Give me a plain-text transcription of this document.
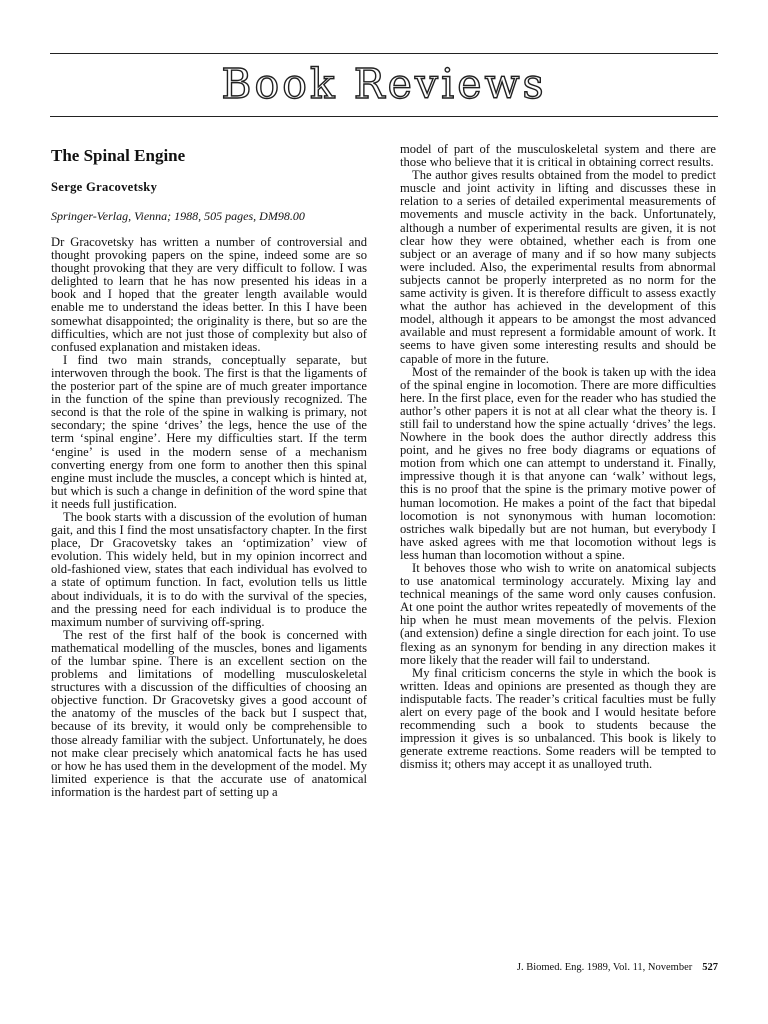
Book Reviews
The Spinal Engine
Serge Gracovetsky
Springer-Verlag, Vienna; 1988, 505 pages, DM98.00

Dr Gracovetsky has written a number of controversial and thought provoking papers on the spine, indeed some are so thought provoking that they are very difficult to follow. I was delighted to learn that he has now presented his ideas in a book and I hoped that the greater length available would enable me to understand the ideas better. In this I have been somewhat disappointed; the originality is there, but so are the difficulties, which are not just those of complexity but also of confused explanation and mistaken ideas.

I find two main strands, conceptually separate, but interwoven through the book. The first is that the ligaments of the posterior part of the spine are of much greater importance in the function of the spine than previously recognized. The second is that the role of the spine in walking is primary, not secondary; the spine ‘drives’ the legs, hence the use of the term ‘spinal engine’. Here my difficulties start. If the term ‘engine’ is used in the modern sense of a mechanism converting energy from one form to another then this spinal engine must include the muscles, a concept which is hinted at, but which is such a change in definition of the word spine that it needs full justification.

The book starts with a discussion of the evolution of human gait, and this I find the most unsatisfactory chapter. In the first place, Dr Gracovetsky takes an ‘optimization’ view of evolution. This widely held, but in my opinion incorrect and old-fashioned view, states that each individual has evolved to a state of optimum function. In fact, evolution tells us little about individuals, it is to do with the survival of the species, and the pressing need for each individual is to produce the maximum number of surviving off-spring.

The rest of the first half of the book is concerned with mathematical modelling of the muscles, bones and ligaments of the lumbar spine. There is an excellent section on the problems and limitations of modelling musculoskeletal structures with a discussion of the difficulties of choosing an objective function. Dr Gracovetsky gives a good account of the anatomy of the muscles of the back but I suspect that, because of its brevity, it would only be comprehensible to those already familiar with the subject. Unfortunately, he does not make clear precisely which anatomical facts he has used or how he has used them in the development of the model. My limited experience is that the accurate use of anatomical information is the hardest part of setting up a

model of part of the musculoskeletal system and there are those who believe that it is critical in obtaining correct results.

The author gives results obtained from the model to predict muscle and joint activity in lifting and discusses these in relation to a series of detailed experimental measurements of movements and muscle activity in the back. Unfortunately, although a number of experimental results are given, it is not clear how they were obtained, whether each is from one subject or an average of many and if so how many subjects were included. Also, the experimental results from abnormal subjects cannot be properly interpreted as no norm for the same activity is given. It is therefore difficult to assess exactly what the author has achieved in the development of this model, although it appears to be amongst the most advanced available and must represent a formidable amount of work. It seems to have given some interesting results and should be capable of more in the future.

Most of the remainder of the book is taken up with the idea of the spinal engine in locomotion. There are more difficulties here. In the first place, even for the reader who has studied the author’s other papers it is not at all clear what the theory is. I still fail to understand how the spine actually ‘drives’ the legs. Nowhere in the book does the author directly address this point, and he gives no free body diagrams or equations of motion from which one can attempt to understand it. Finally, impressive though it is that anyone can ‘walk’ without legs, this is no proof that the spine is the primary motive power of human locomotion. He makes a point of the fact that bipedal locomotion is not synonymous with human locomotion: ostriches walk bipedally but are not human, but everybody I have asked agrees with me that locomotion without legs is less human than locomotion without a spine.

It behoves those who wish to write on anatomical subjects to use anatomical terminology accurately. Mixing lay and technical meanings of the same word only causes confusion. At one point the author writes repeatedly of movements of the hip when he must mean movements of the pelvis. Flexion (and extension) define a single direction for each joint. To use flexing as an synonym for bending in any direction makes it more likely that the reader will fail to understand.

My final criticism concerns the style in which the book is written. Ideas and opinions are presented as though they are indisputable facts. The reader’s critical faculties must be fully alert on every page of the book and I would hesitate before recommending such a book to students because the impression it gives is so unbalanced. This book is likely to generate extreme reactions. Some readers will be tempted to dismiss it; others may accept it as unalloyed truth.

J. Biomed. Eng. 1989, Vol. 11, November 527
